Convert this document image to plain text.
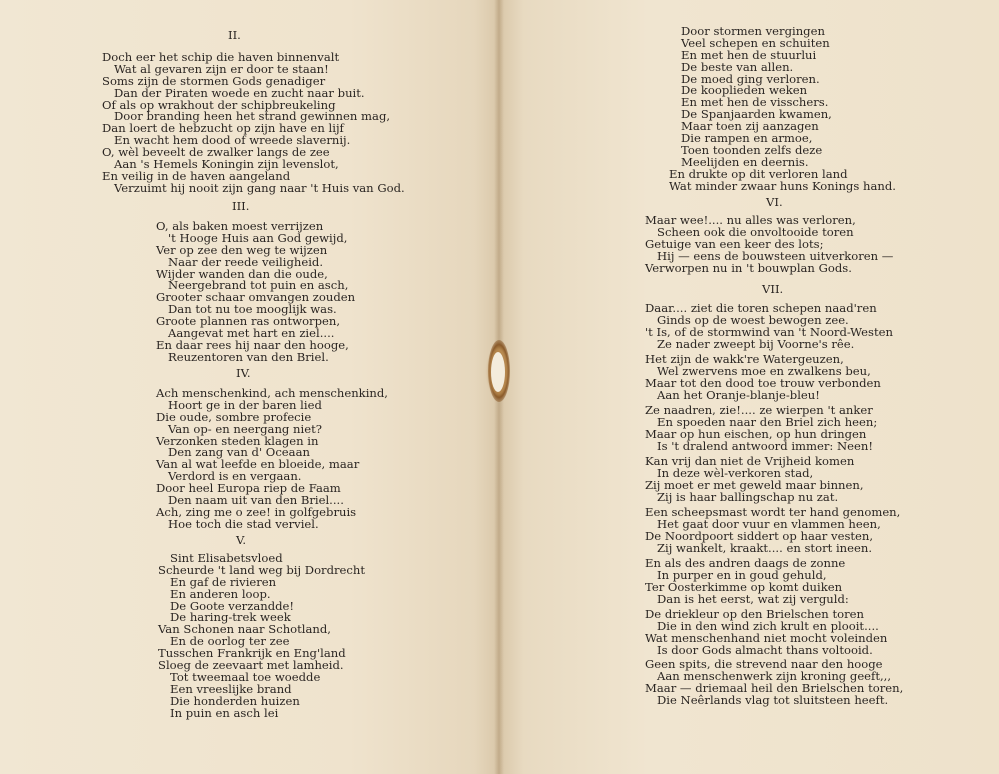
II.
Doch eer het schip die haven binnenvalt
Wat al gevaren zijn er door te staan!
Soms zijn de stormen Gods genadiger
Dan der Piraten woede en zucht naar buit.
Of als op wrakhout der schipbreukeling
Door branding heen het strand gewinnen mag,
Dan loert de hebzucht op zijn have en lijf
En wacht hem dood of wreede slavernij.
O, wèl beveelt de zwalker langs de zee
Aan 's Hemels Koningin zijn levenslot,
En veilig in de haven aangeland
Verzuimt hij nooit zijn gang naar 't Huis van God.
III.
O, als baken moest verrijzen
't Hooge Huis aan God gewijd,
Ver op zee den weg te wijzen
Naar der reede veiligheid.
Wijder wanden dan die oude,
Neergebrand tot puin en asch,
Grooter schaar omvangen zouden
Dan tot nu toe mooglijk was.
Groote plannen ras ontworpen,
Aangevat met hart en ziel....
En daar rees hij naar den hooge,
Reuzentoren van den Briel.
IV.
Ach menschenkind, ach menschenkind,
Hoort ge in der baren lied
Die oude, sombre profecie
Van op- en neergang niet?
Verzonken steden klagen in
Den zang van d' Oceaan
Van al wat leefde en bloeide, maar
Verdord is en vergaan.
Door heel Europa riep de Faam
Den naam uit van den Briel....
Ach, zing me o zee! in golfgebruis
Hoe toch die stad verviel.
V.
Sint Elisabetsvloed
Scheurde 't land weg bij Dordrecht
En gaf de rivieren
En anderen loop.
De Goote verzandde!
De haring-trek week
Van Schonen naar Schotland,
En de oorlog ter zee
Tusschen Frankrijk en Eng'land
Sloeg de zeevaart met lamheid.
Tot tweemaal toe woedde
Een vreeslijke brand
Die honderden huizen
In puin en asch lei
Door stormen vergingen
Veel schepen en schuiten
En met hen de stuurlui
De beste van allen.
De moed ging verloren.
De kooplieden weken
En met hen de visschers.
De Spanjaarden kwamen,
Maar toen zij aanzagen
Die rampen en armoe,
Toen toonden zelfs deze
Meelijden en deernis.
En drukte op dit verloren land
Wat minder zwaar huns Konings hand.
VI.
Maar wee!.... nu alles was verloren,
Scheen ook die onvoltooide toren
Getuige van een keer des lots;
Hij — eens de bouwsteen uitverkoren —
Verworpen nu in 't bouwplan Gods.
VII.
Daar.... ziet die toren schepen naad'ren
Ginds op de woest bewogen zee.
't Is, of de stormwind van 't Noord-Westen
Ze nader zweept bij Voorne's rêe.
Het zijn de wakk're Watergeuzen,
Wel zwervens moe en zwalkens beu,
Maar tot den dood toe trouw verbonden
Aan het Oranje-blanje-bleu!
Ze naadren, zie!.... ze wierpen 't anker
En spoeden naar den Briel zich heen;
Maar op hun eischen, op hun dringen
Is 't dralend antwoord immer: Neen!
Kan vrij dan niet de Vrijheid komen
In deze wèl-verkoren stad,
Zij moet er met geweld maar binnen,
Zij is haar ballingschap nu zat.
Een scheepsmast wordt ter hand genomen,
Het gaat door vuur en vlammen heen,
De Noordpoort siddert op haar vesten,
Zij wankelt, kraakt.... en stort ineen.
En als des andren daags de zonne
In purper en in goud gehuld,
Ter Oosterkimme op komt duiken
Dan is het eerst, wat zij verguld:
De driekleur op den Brielschen toren
Die in den wind zich krult en plooit....
Wat menschenhand niet mocht voleinden
Is door Gods almacht thans voltooid.
Geen spits, die strevend naar den hooge
Aan menschenwerk zijn kroning geeft,,,
Maar — driemaal heil den Brielschen toren,
Die Neêrlands vlag tot sluitsteen heeft.
